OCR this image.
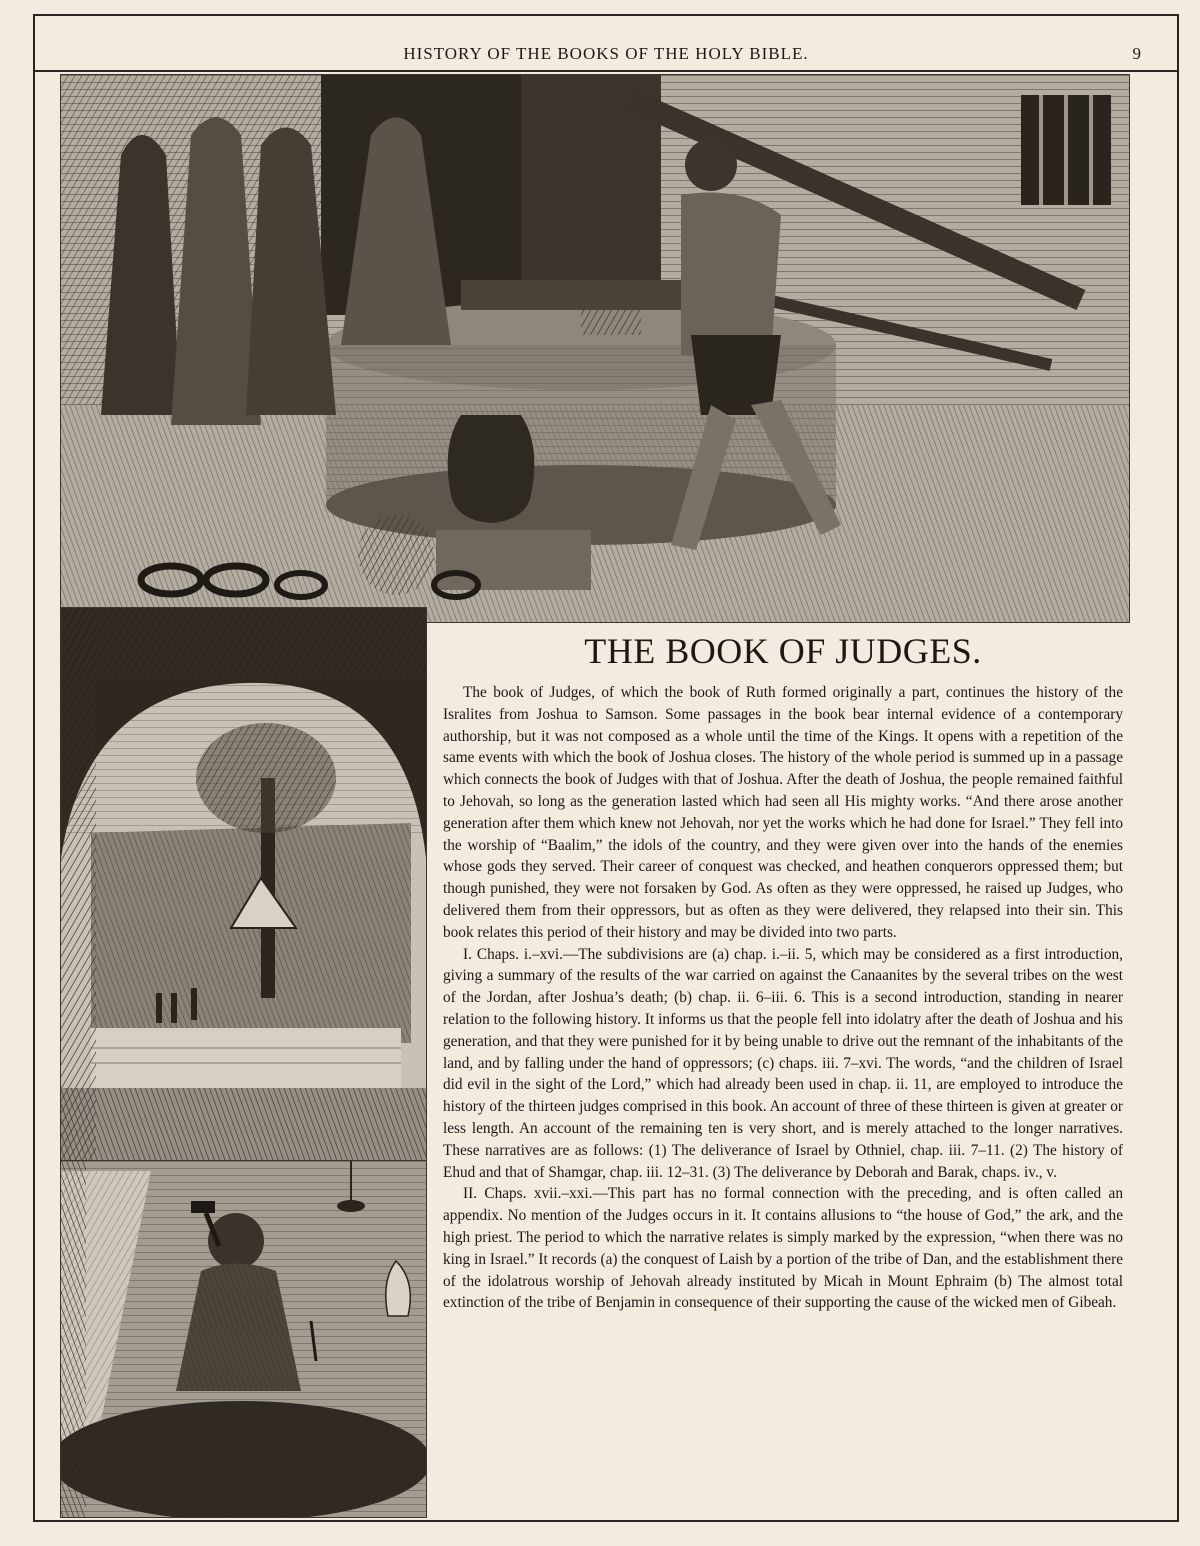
HISTORY OF THE BOOKS OF THE HOLY BIBLE.	9
THE BOOK OF JUDGES.

The book of Judges, of which the book of Ruth formed originally a part, continues the history of the Isralites from Joshua to Samson. Some passages in the book bear internal evidence of a contemporary authorship, but it was not composed as a whole until the time of the Kings. It opens with a repetition of the same events with which the book of Joshua closes. The history of the whole period is summed up in a passage which connects the book of Judges with that of Joshua. After the death of Joshua, the people remained faithful to Jehovah, so long as the generation lasted which had seen all His mighty works. “And there arose another generation after them which knew not Jehovah, nor yet the works which he had done for Israel.” They fell into the worship of “Baalim,” the idols of the country, and they were given over into the hands of the enemies whose gods they served. Their career of conquest was checked, and heathen conquerors oppressed them; but though punished, they were not forsaken by God. As often as they were oppressed, he raised up Judges, who delivered them from their oppressors, but as often as they were delivered, they relapsed into their sin. This book relates this period of their history and may be divided into two parts.

I. Chaps. i.–xvi.—The subdivisions are (a) chap. i.–ii. 5, which may be considered as a first introduction, giving a summary of the results of the war carried on against the Canaanites by the several tribes on the west of the Jordan, after Joshua’s death; (b) chap. ii. 6–iii. 6. This is a second introduction, standing in nearer relation to the following history. It informs us that the people fell into idolatry after the death of Joshua and his generation, and that they were punished for it by being unable to drive out the remnant of the inhabitants of the land, and by falling under the hand of oppressors; (c) chaps. iii. 7–xvi. The words, “and the children of Israel did evil in the sight of the Lord,” which had already been used in chap. ii. 11, are employed to introduce the history of the thirteen judges comprised in this book. An account of three of these thirteen is given at greater or less length. An account of the remaining ten is very short, and is merely attached to the longer narratives. These narratives are as follows: (1) The deliverance of Israel by Othniel, chap. iii. 7–11. (2) The history of Ehud and that of Shamgar, chap. iii. 12–31. (3) The deliverance by Deborah and Barak, chaps. iv., v.

II. Chaps. xvii.–xxi.—This part has no formal connection with the preceding, and is often called an appendix. No mention of the Judges occurs in it. It contains allusions to “the house of God,” the ark, and the high priest. The period to which the narrative relates is simply marked by the expression, “when there was no king in Israel.” It records (a) the conquest of Laish by a portion of the tribe of Dan, and the establishment there of the idolatrous worship of Jehovah already instituted by Micah in Mount Ephraim (b) The almost total extinction of the tribe of Benjamin in consequence of their supporting the cause of the wicked men of Gibeah.
